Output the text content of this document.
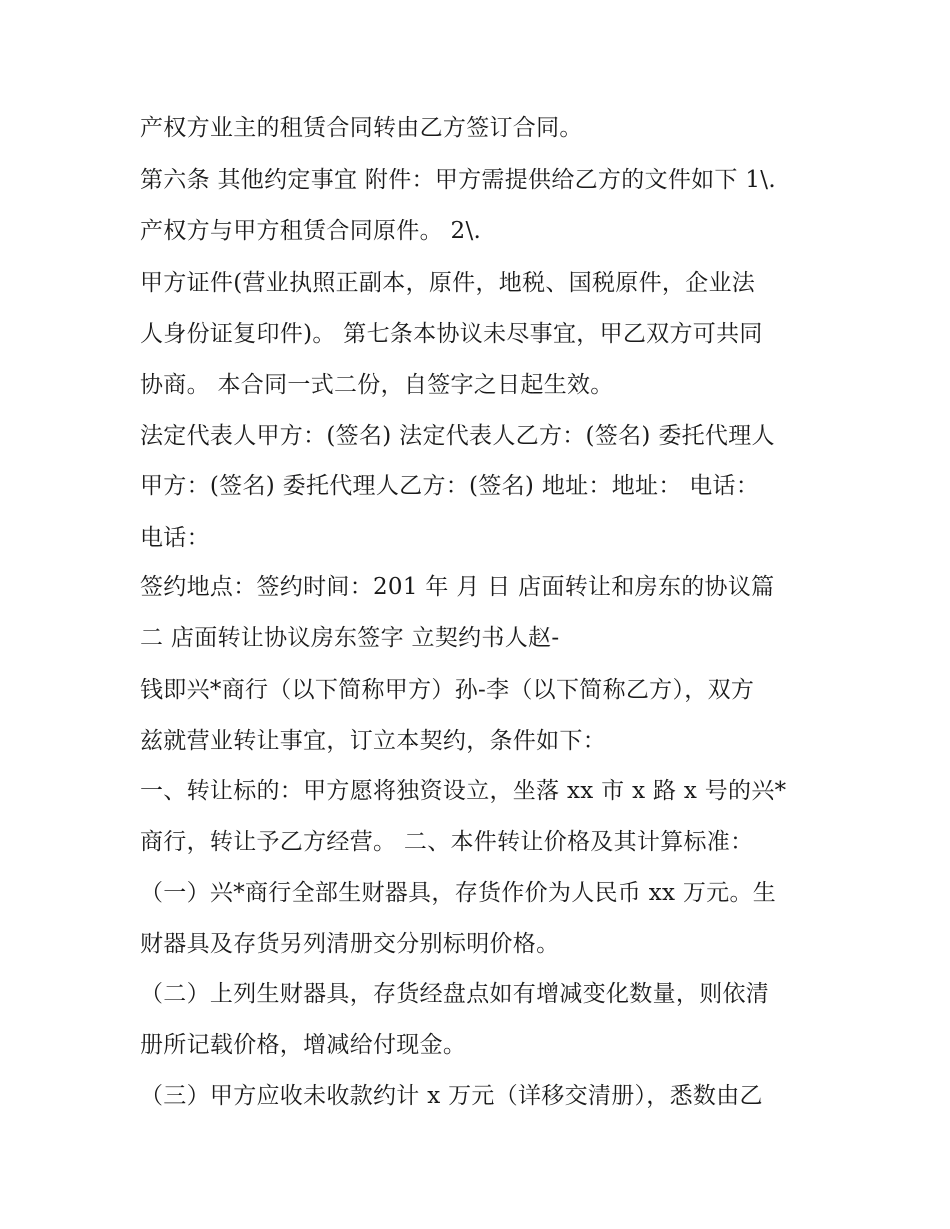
产权方业主的租赁合同转由乙方签订合同。
第六条 其他约定事宜 附件：甲方需提供给乙方的文件如下 1\.
产权方与甲方租赁合同原件。 2\.
甲方证件(营业执照正副本，原件，地税、国税原件，企业法
人身份证复印件)。 第七条本协议未尽事宜，甲乙双方可共同
协商。 本合同一式二份，自签字之日起生效。
法定代表人甲方：(签名) 法定代表人乙方：(签名) 委托代理人
甲方：(签名) 委托代理人乙方：(签名) 地址：地址： 电话：
电话：
签约地点：签约时间：201 年 月 日 店面转让和房东的协议篇
二 店面转让协议房东签字 立契约书人赵-
钱即兴*商行（以下简称甲方）孙-李（以下简称乙方），双方
兹就营业转让事宜，订立本契约，条件如下：
一、转让标的：甲方愿将独资设立，坐落 xx 市 x 路 x 号的兴*
商行，转让予乙方经营。 二、本件转让价格及其计算标准：
（一）兴*商行全部生财器具，存货作价为人民币 xx 万元。生
财器具及存货另列清册交分别标明价格。
（二）上列生财器具，存货经盘点如有增减变化数量，则依清
册所记载价格，增减给付现金。
（三）甲方应收未收款约计 x 万元（详移交清册），悉数由乙
